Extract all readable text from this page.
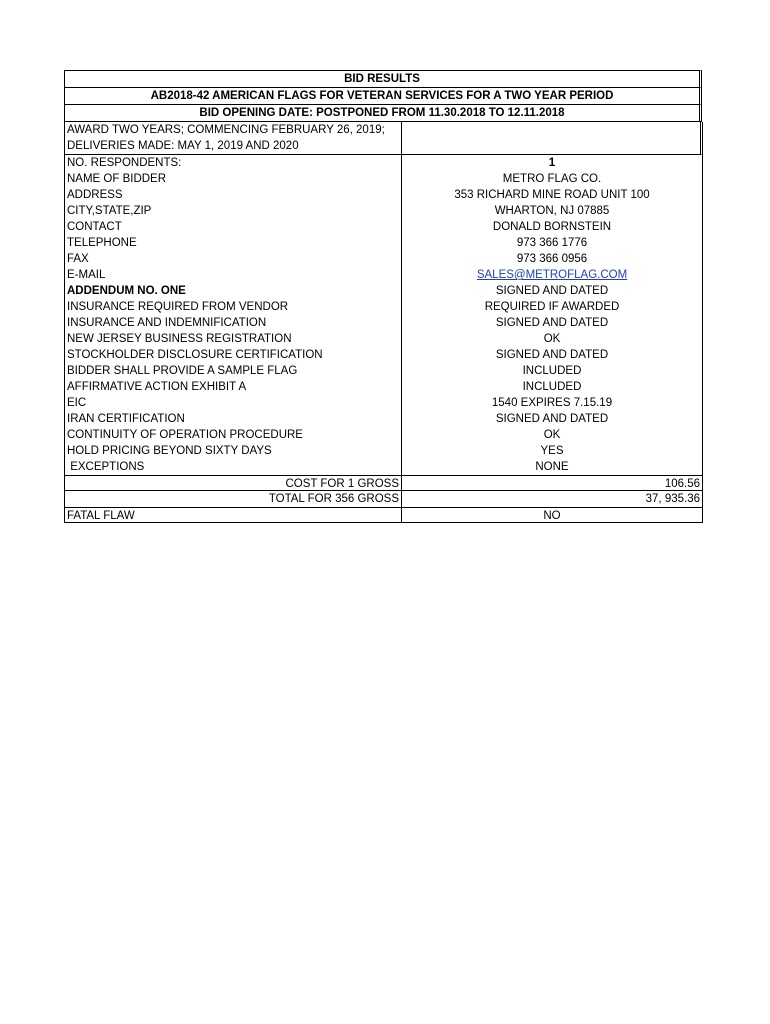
BID RESULTS
AB2018-42 AMERICAN FLAGS FOR VETERAN SERVICES FOR A TWO YEAR PERIOD
BID OPENING DATE: POSTPONED FROM 11.30.2018 TO 12.11.2018
AWARD TWO YEARS; COMMENCING FEBRUARY 26, 2019; DELIVERIES MADE: MAY 1, 2019 AND 2020
NO. RESPONDENTS:	1
NAME OF BIDDER	METRO FLAG CO.
ADDRESS	353 RICHARD MINE ROAD UNIT 100
CITY,STATE,ZIP	WHARTON, NJ 07885
CONTACT	DONALD BORNSTEIN
TELEPHONE	973 366 1776
FAX	973 366 0956
E-MAIL	SALES@METROFLAG.COM
ADDENDUM NO. ONE	SIGNED AND DATED
INSURANCE REQUIRED FROM VENDOR	REQUIRED IF AWARDED
INSURANCE AND INDEMNIFICATION	SIGNED AND DATED
NEW JERSEY BUSINESS REGISTRATION	OK
STOCKHOLDER DISCLOSURE CERTIFICATION	SIGNED AND DATED
BIDDER SHALL PROVIDE A SAMPLE FLAG	INCLUDED
AFFIRMATIVE ACTION EXHIBIT A	INCLUDED
EIC	1540 EXPIRES 7.15.19
IRAN CERTIFICATION	SIGNED AND DATED
CONTINUITY OF OPERATION PROCEDURE	OK
HOLD PRICING BEYOND SIXTY DAYS	YES
EXCEPTIONS	NONE
COST FOR 1 GROSS	106.56
TOTAL FOR 356 GROSS	37, 935.36
FATAL FLAW	NO
